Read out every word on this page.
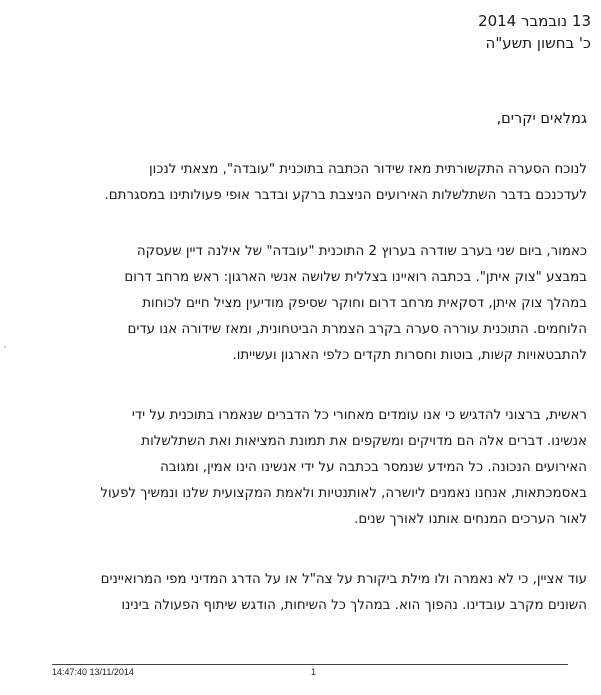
13 נובמבר 2014
כ' בחשון תשע"ה
גמלאים יקרים,
לנוכח הסערה התקשורתית מאז שידור הכתבה בתוכנית "עובדה", מצאתי לנכון
לעדכנכם בדבר השתלשלות האירועים הניצבת ברקע ובדבר אופי פעולותינו במסגרתם.
כאמור, ביום שני בערב שודרה בערוץ 2 התוכנית "עובדה" של אילנה דיין שעסקה
במבצע "צוק איתן". בכתבה רואיינו בצללית שלושה אנשי הארגון: ראש מרחב דרום
במהלך צוק איתן, דסקאית מרחב דרום וחוקר שסיפק מודיעין מציל חיים לכוחות
הלוחמים. התוכנית עוררה סערה בקרב הצמרת הביטחונית, ומאז שידורה אנו עדים
להתבטאויות קשות, בוטות וחסרות תקדים כלפי הארגון ועשייתו.
ראשית, ברצוני להדגיש כי אנו עומדים מאחורי כל הדברים שנאמרו בתוכנית על ידי
אנשינו. דברים אלה הם מדויקים ומשקפים את תמונת המציאות ואת השתלשלות
האירועים הנכונה. כל המידע שנמסר בכתבה על ידי אנשינו הינו אמין, ומגובה
באסמכתאות, אנחנו נאמנים ליושרה, לאותנטיות ולאמת המקצועית שלנו ונמשיך לפעול
לאור הערכים המנחים אותנו לאורך שנים.
עוד אציין, כי לא נאמרה ולו מילת ביקורת על צה"ל או על הדרג המדיני מפי המרואיינים
השונים מקרב עובדינו. נהפוך הוא. במהלך כל השיחות, הודגש שיתוף הפעולה בינינו
14:47:40 13/11/2014	1
